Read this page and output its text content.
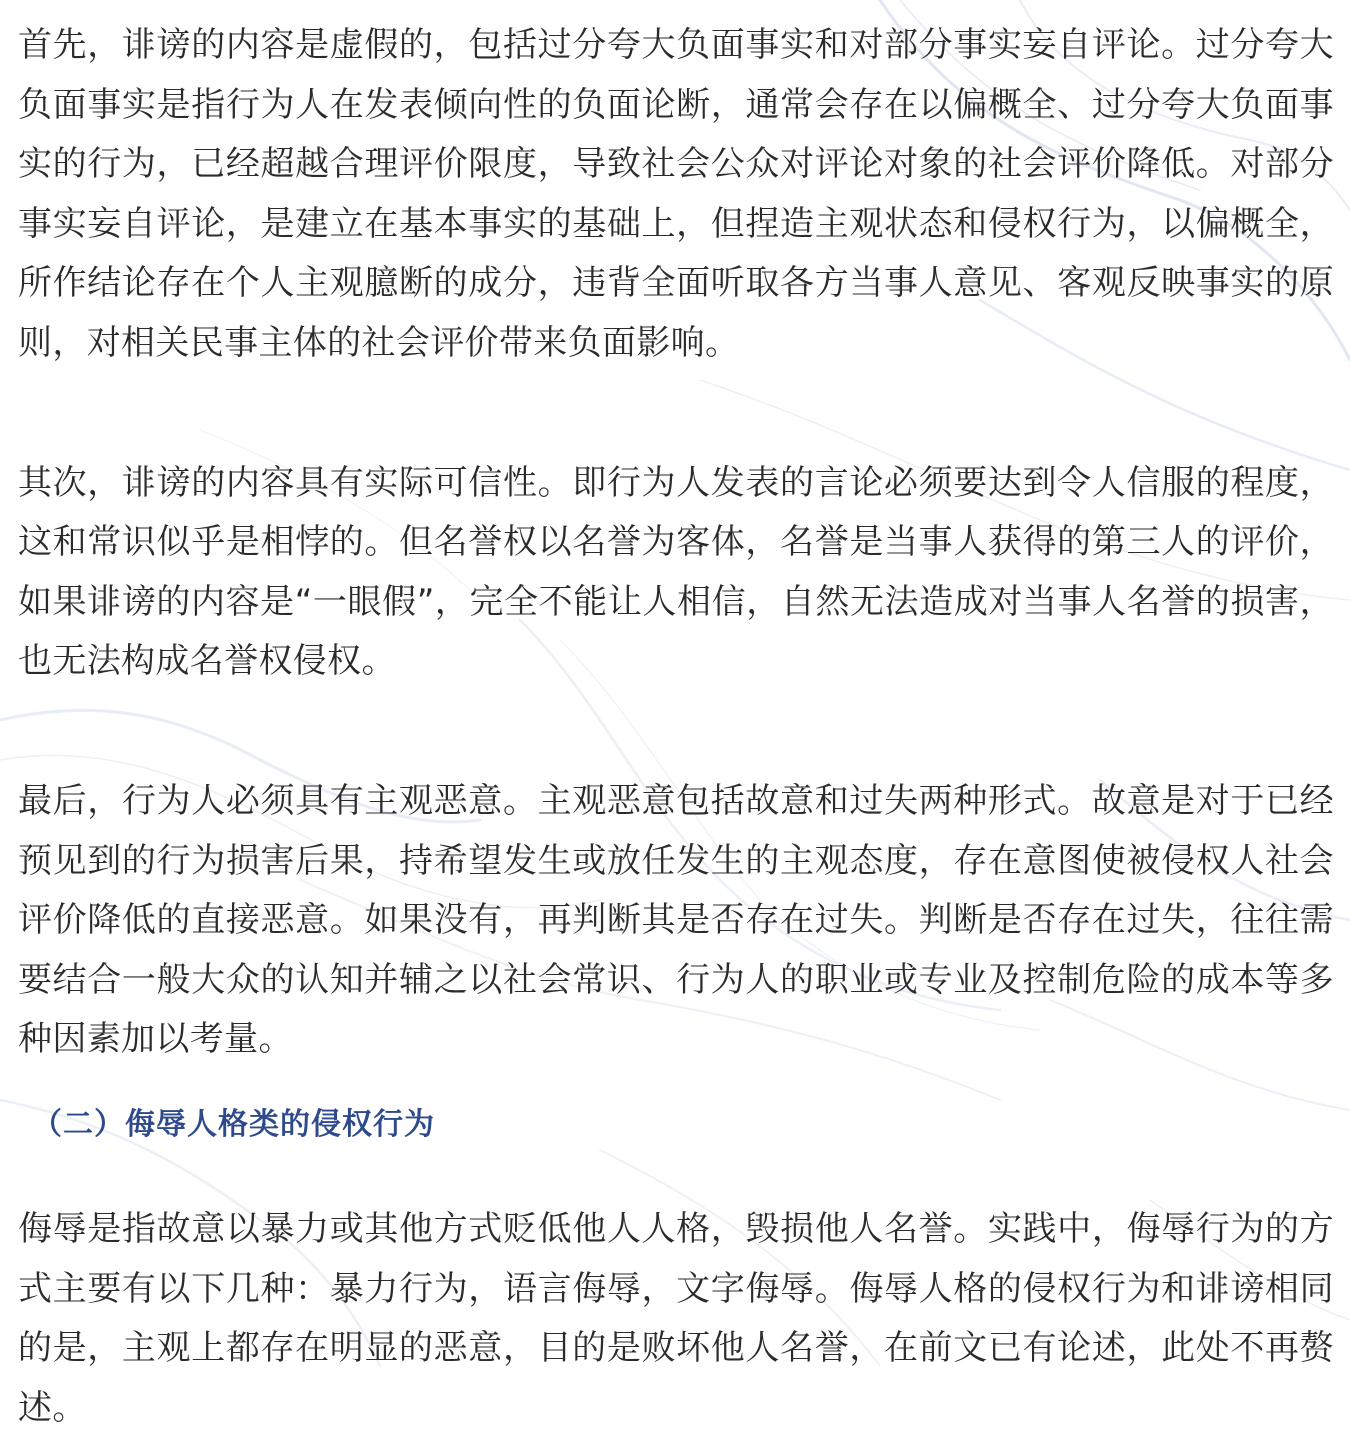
首先，诽谤的内容是虚假的，包括过分夸大负面事实和对部分事实妄自评论。过分夸大负面事实是指行为人在发表倾向性的负面论断，通常会存在以偏概全、过分夸大负面事实的行为，已经超越合理评价限度，导致社会公众对评论对象的社会评价降低。对部分事实妄自评论，是建立在基本事实的基础上，但捏造主观状态和侵权行为，以偏概全，所作结论存在个人主观臆断的成分，违背全面听取各方当事人意见、客观反映事实的原则，对相关民事主体的社会评价带来负面影响。

其次，诽谤的内容具有实际可信性。即行为人发表的言论必须要达到令人信服的程度，这和常识似乎是相悖的。但名誉权以名誉为客体，名誉是当事人获得的第三人的评价，如果诽谤的内容是“一眼假”，完全不能让人相信，自然无法造成对当事人名誉的损害，也无法构成名誉权侵权。

最后，行为人必须具有主观恶意。主观恶意包括故意和过失两种形式。故意是对于已经预见到的行为损害后果，持希望发生或放任发生的主观态度，存在意图使被侵权人社会评价降低的直接恶意。如果没有，再判断其是否存在过失。判断是否存在过失，往往需要结合一般大众的认知并辅之以社会常识、行为人的职业或专业及控制危险的成本等多种因素加以考量。

（二）侮辱人格类的侵权行为

侮辱是指故意以暴力或其他方式贬低他人人格，毁损他人名誉。实践中，侮辱行为的方式主要有以下几种：暴力行为，语言侮辱，文字侮辱。侮辱人格的侵权行为和诽谤相同的是，主观上都存在明显的恶意，目的是败坏他人名誉，在前文已有论述，此处不再赘述。
